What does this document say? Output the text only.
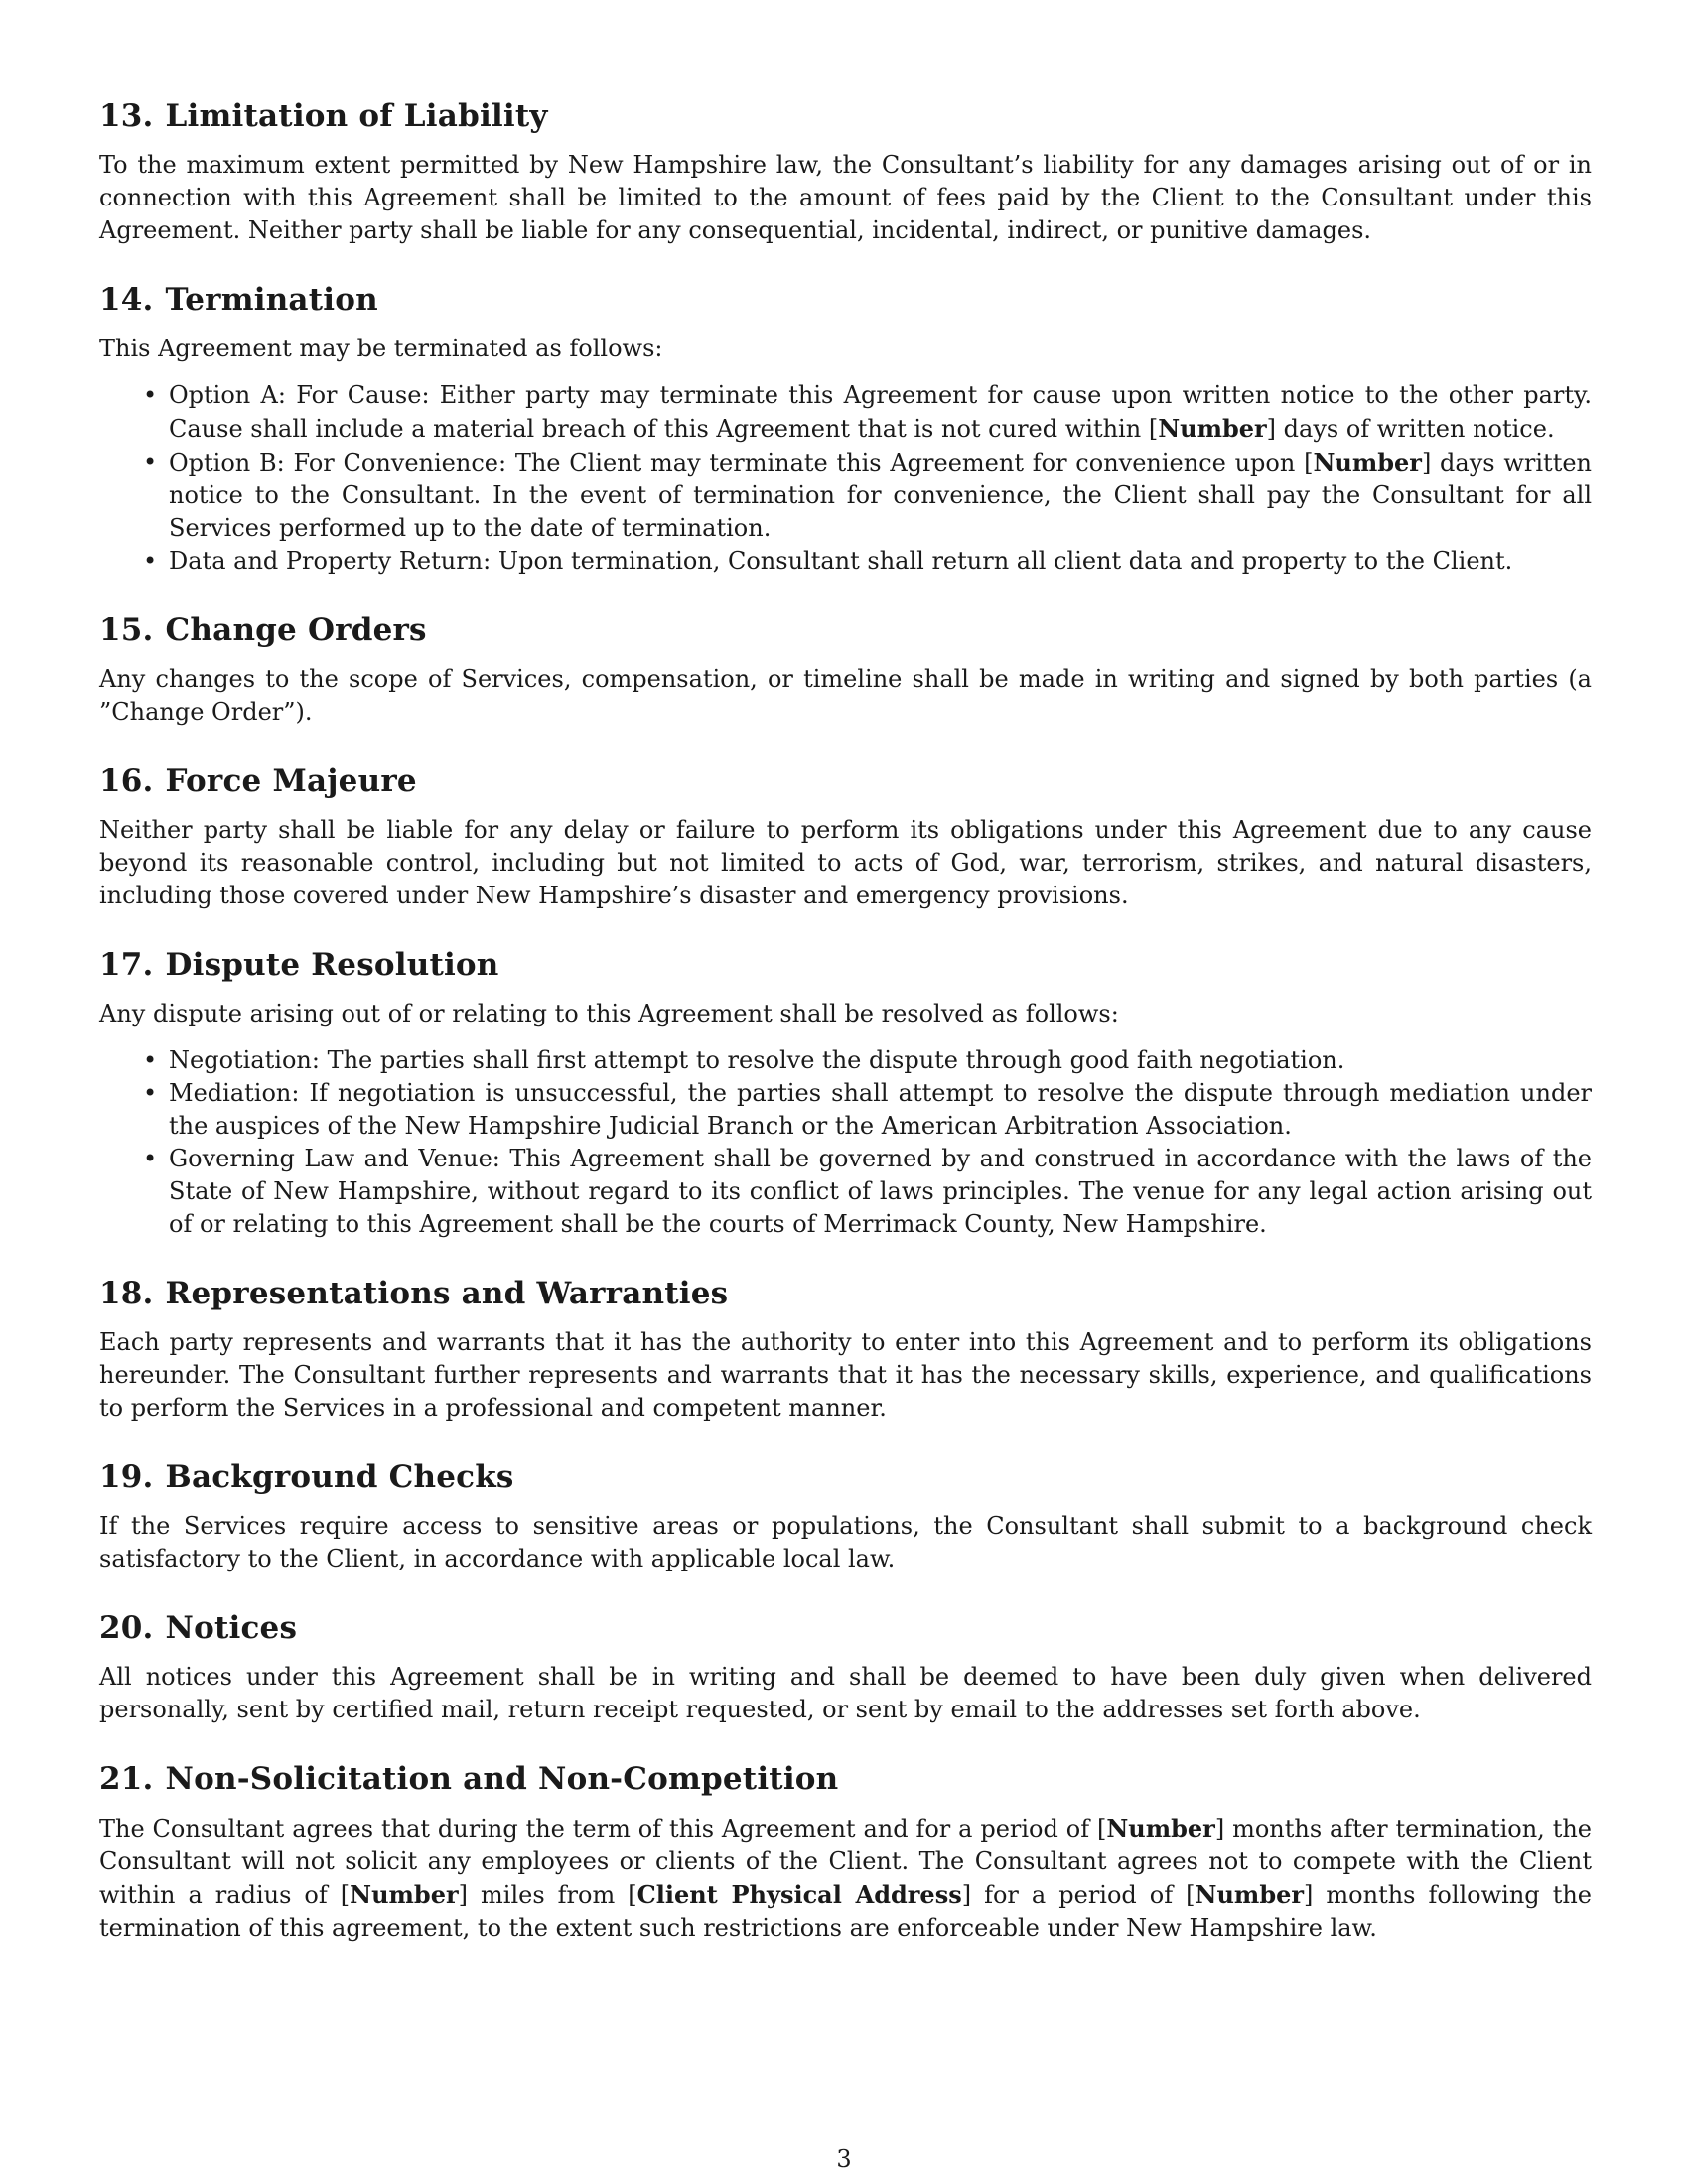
13. Limitation of Liability

To the maximum extent permitted by New Hampshire law, the Consultant’s liability for any damages arising out of or in connection with this Agreement shall be limited to the amount of fees paid by the Client to the Consultant under this Agreement. Neither party shall be liable for any consequential, incidental, indirect, or punitive damages.

14. Termination

This Agreement may be terminated as follows:

• Option A: For Cause: Either party may terminate this Agreement for cause upon written notice to the other party. Cause shall include a material breach of this Agreement that is not cured within [Number] days of written notice.
• Option B: For Convenience: The Client may terminate this Agreement for convenience upon [Number] days written notice to the Consultant. In the event of termination for convenience, the Client shall pay the Consultant for all Services performed up to the date of termination.
• Data and Property Return: Upon termination, Consultant shall return all client data and property to the Client.
15. Change Orders

Any changes to the scope of Services, compensation, or timeline shall be made in writing and signed by both parties (a ”Change Order”).

16. Force Majeure

Neither party shall be liable for any delay or failure to perform its obligations under this Agreement due to any cause beyond its reasonable control, including but not limited to acts of God, war, terrorism, strikes, and natural disasters, including those covered under New Hampshire’s disaster and emergency provisions.

17. Dispute Resolution

Any dispute arising out of or relating to this Agreement shall be resolved as follows:

• Negotiation: The parties shall first attempt to resolve the dispute through good faith negotiation.
• Mediation: If negotiation is unsuccessful, the parties shall attempt to resolve the dispute through mediation under the auspices of the New Hampshire Judicial Branch or the American Arbitration Association.
• Governing Law and Venue: This Agreement shall be governed by and construed in accordance with the laws of the State of New Hampshire, without regard to its conflict of laws principles. The venue for any legal action arising out of or relating to this Agreement shall be the courts of Merrimack County, New Hampshire.
18. Representations and Warranties

Each party represents and warrants that it has the authority to enter into this Agreement and to perform its obligations hereunder. The Consultant further represents and warrants that it has the necessary skills, experience, and qualifications to perform the Services in a professional and competent manner.

19. Background Checks

If the Services require access to sensitive areas or populations, the Consultant shall submit to a background check satisfactory to the Client, in accordance with applicable local law.

20. Notices

All notices under this Agreement shall be in writing and shall be deemed to have been duly given when delivered personally, sent by certified mail, return receipt requested, or sent by email to the addresses set forth above.

21. Non-Solicitation and Non-Competition

The Consultant agrees that during the term of this Agreement and for a period of [Number] months after termination, the Consultant will not solicit any employees or clients of the Client. The Consultant agrees not to compete with the Client within a radius of [Number] miles from [Client Physical Address] for a period of [Number] months following the termination of this agreement, to the extent such restrictions are enforceable under New Hampshire law.

3
